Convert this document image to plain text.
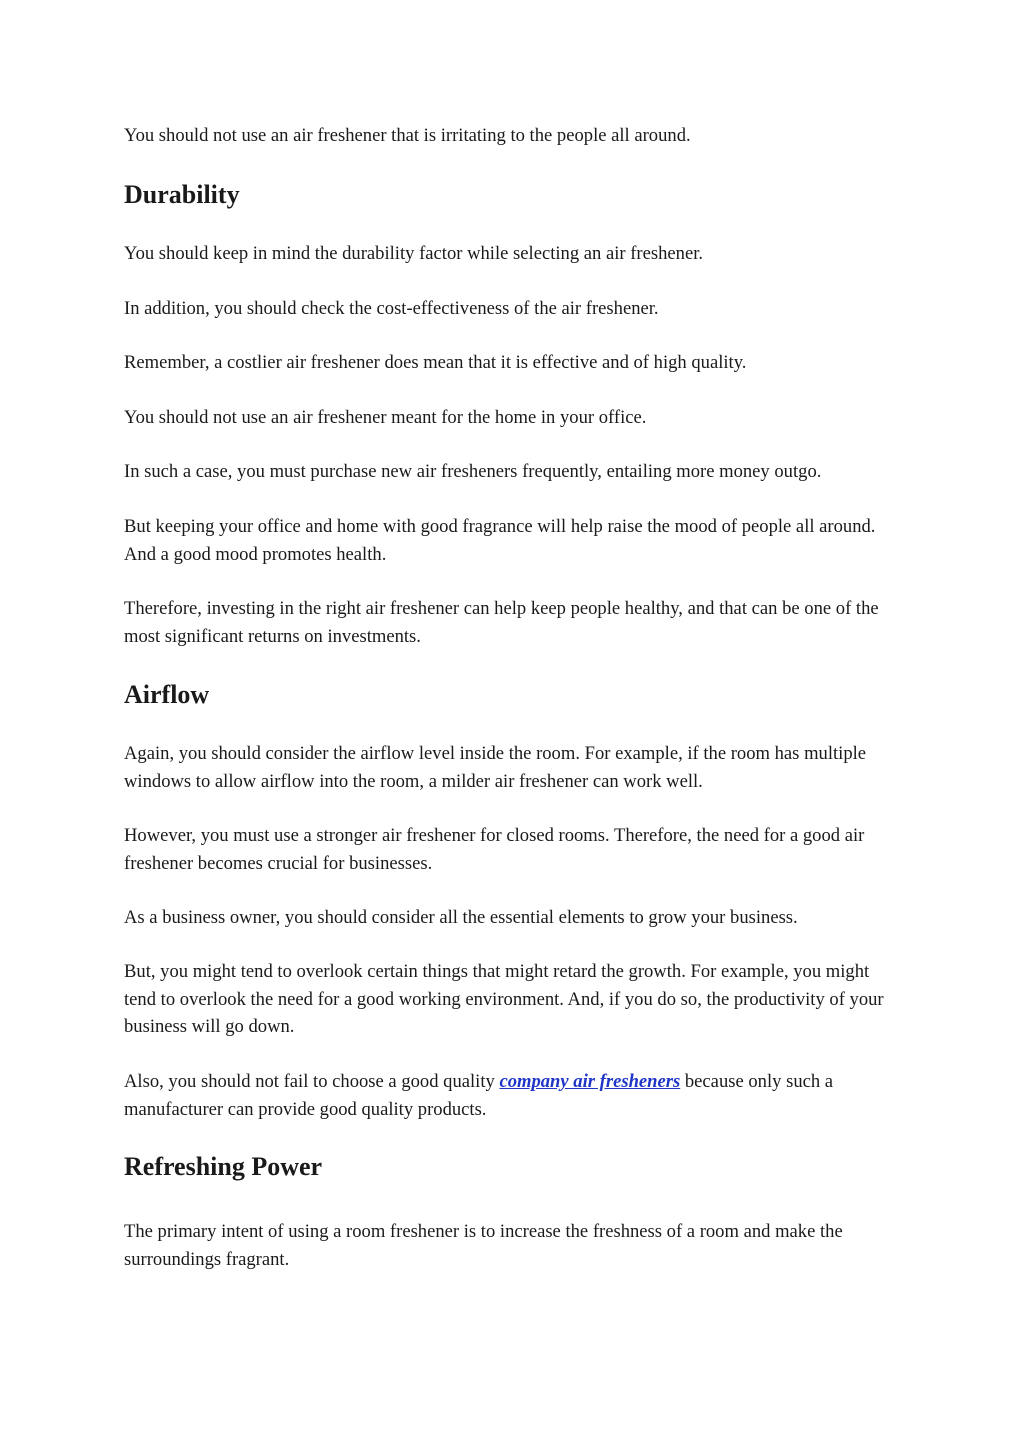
You should not use an air freshener that is irritating to the people all around.

Durability

You should keep in mind the durability factor while selecting an air freshener.

In addition, you should check the cost-effectiveness of the air freshener.

Remember, a costlier air freshener does mean that it is effective and of high quality.

You should not use an air freshener meant for the home in your office.

In such a case, you must purchase new air fresheners frequently, entailing more money outgo.

But keeping your office and home with good fragrance will help raise the mood of people all around. And a good mood promotes health.

Therefore, investing in the right air freshener can help keep people healthy, and that can be one of the most significant returns on investments.

Airflow

Again, you should consider the airflow level inside the room. For example, if the room has multiple windows to allow airflow into the room, a milder air freshener can work well.

However, you must use a stronger air freshener for closed rooms. Therefore, the need for a good air freshener becomes crucial for businesses.

As a business owner, you should consider all the essential elements to grow your business.

But, you might tend to overlook certain things that might retard the growth. For example, you might tend to overlook the need for a good working environment. And, if you do so, the productivity of your business will go down.

Also, you should not fail to choose a good quality company air fresheners because only such a manufacturer can provide good quality products.

Refreshing Power

The primary intent of using a room freshener is to increase the freshness of a room and make the surroundings fragrant.
